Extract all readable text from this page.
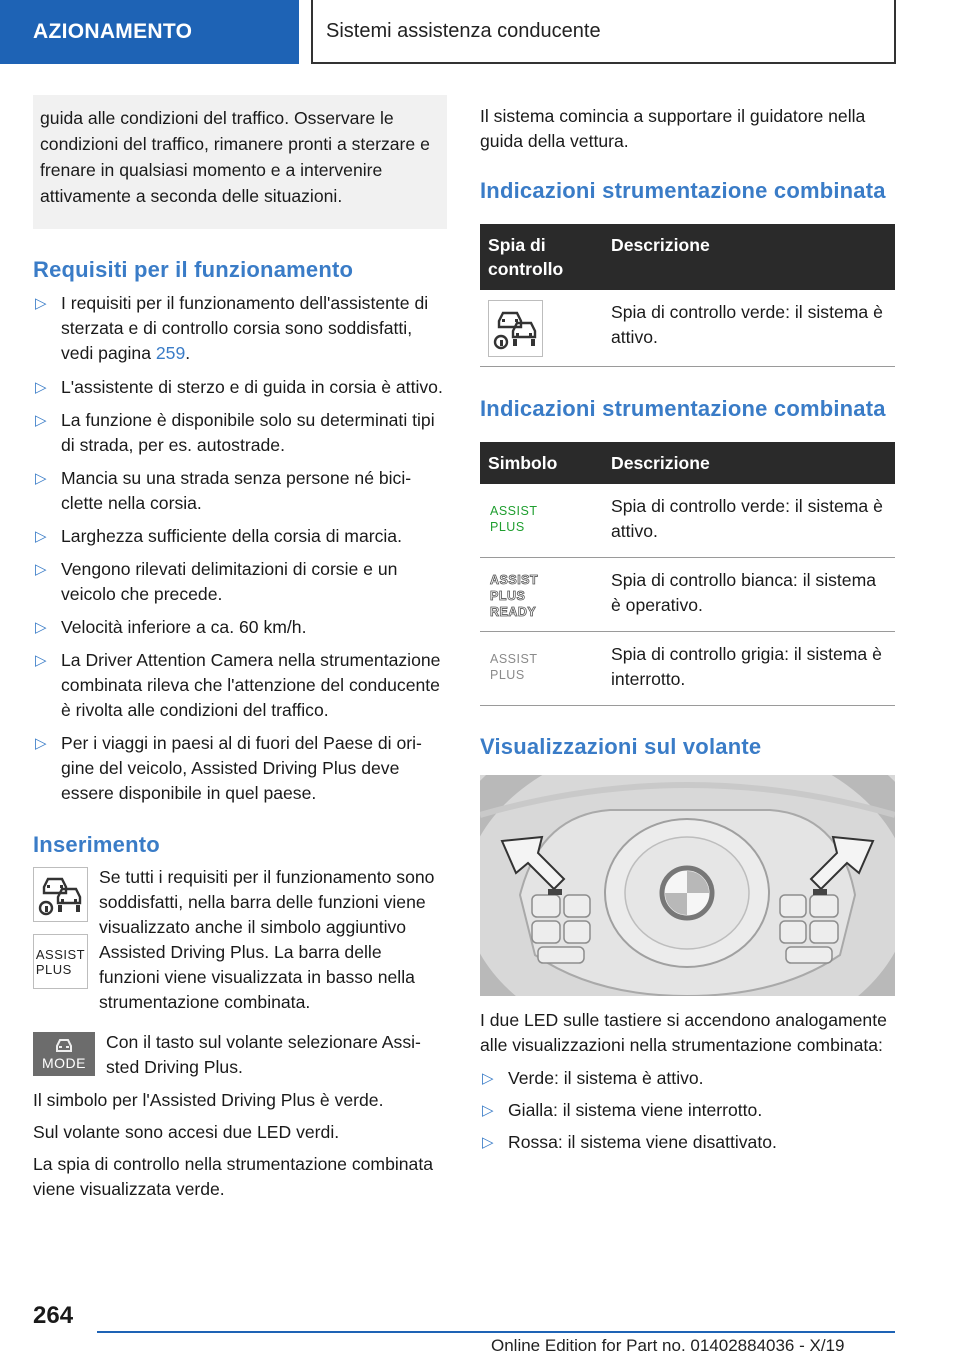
AZIONAMENTO	Sistemi assistenza conducente
guida alle condizioni del traffico. Osservare le condizioni del traffico, rimanere pronti a sterzare e frenare in qualsiasi momento e a intervenire attivamente a seconda delle situazioni.
Requisiti per il funzionamento
▷ I requisiti per il funzionamento dell'assistente di sterzata e di controllo corsia sono soddisfatti, vedi pagina 259.
▷ L'assistente di sterzo e di guida in corsia è attivo.
▷ La funzione è disponibile solo su determinati tipi di strada, per es. autostrade.
▷ Mancia su una strada senza persone né biciclette nella corsia.
▷ Larghezza sufficiente della corsia di marcia.
▷ Vengono rilevati delimitazioni di corsie e un veicolo che precede.
▷ Velocità inferiore a ca. 60 km/h.
▷ La Driver Attention Camera nella strumentazione combinata rileva che l'attenzione del conducente è rivolta alle condizioni del traffico.
▷ Per i viaggi in paesi al di fuori del Paese di origine del veicolo, Assisted Driving Plus deve essere disponibile in quel paese.
Inserimento
ASSIST
PLUS
Se tutti i requisiti per il funzionamento sono soddisfatti, nella barra delle funzioni viene visualizzato anche il simbolo aggiuntivo Assisted Driving Plus. La barra delle funzioni viene visualizzata in basso nella strumentazione combinata.
MODE
Con il tasto sul volante selezionare Assisted Driving Plus.

Il simbolo per l'Assisted Driving Plus è verde.

Sul volante sono accesi due LED verdi.

La spia di controllo nella strumentazione combinata viene visualizzata verde.

Il sistema comincia a supportare il guidatore nella guida della vettura.

Indicazioni strumentazione combinata
Spia di controllo	Descrizione

	Spia di controllo verde: il sistema è attivo.
Indicazioni strumentazione combinata
Simbolo	Descrizione

ASSIST
PLUS	Spia di controllo verde: il sistema è attivo.

ASSIST
PLUS
READY	Spia di controllo bianca: il sistema è operativo.

ASSIST
PLUS	Spia di controllo grigia: il sistema è interrotto.
Visualizzazioni sul volante

I due LED sulle tastiere si accendono analogamente alle visualizzazioni nella strumentazione combinata:

▷ Verde: il sistema è attivo.
▷ Gialla: il sistema viene interrotto.
▷ Rossa: il sistema viene disattivato.
264
Online Edition for Part no. 01402884036 - X/19
